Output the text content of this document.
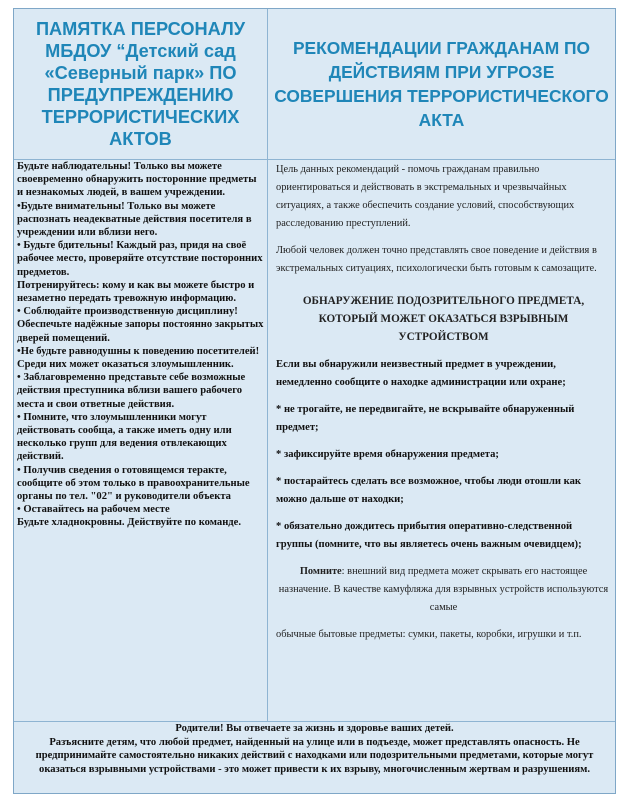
ПАМЯТКА ПЕРСОНАЛУ МБДОУ “Детский сад «Северный парк» ПО ПРЕДУПРЕЖДЕНИЮ ТЕРРОРИСТИЧЕСКИХ АКТОВ
РЕКОМЕНДАЦИИ ГРАЖДАНАМ ПО ДЕЙСТВИЯМ ПРИ УГРОЗЕ СОВЕРШЕНИЯ ТЕРРОРИСТИЧЕСКОГО АКТА

Будьте наблюдательны! Только вы можете своевременно обнаружить посторонние предметы и незнакомых людей, в вашем учреждении.

•Будьте внимательны! Только вы можете распознать неадекватные действия посетителя в учреждении или вблизи него.

• Будьте бдительны! Каждый раз, придя на своё рабочее место, проверяйте отсутствие посторонних предметов.

Потренируйтесь: кому и как вы можете быстро и незаметно передать тревожную информацию.

• Соблюдайте производственную дисциплину! Обеспечьте надёжные запоры постоянно закрытых дверей помещений.

•Не будьте равнодушны к поведению посетителей! Среди них может оказаться злоумышленник.

• Заблаговременно представьте себе возможные действия преступника вблизи вашего рабочего места и свои ответные действия.

• Помните, что злоумышленники могут действовать сообща, а также иметь одну или несколько групп для ведения отвлекающих действий.

• Получив сведения о готовящемся теракте, сообщите об этом только в правоохранительные органы по тел. "02" и руководители объекта

• Оставайтесь на рабочем месте

Будьте хладнокровны. Действуйте по команде.

Цель данных рекомендаций - помочь гражданам правильно ориентироваться и действовать в экстремальных и чрезвычайных ситуациях, а также обеспечить создание условий, способствующих расследованию преступлений.

Любой человек должен точно представлять свое поведение и действия в экстремальных ситуациях, психологически быть готовым к самозащите.

ОБНАРУЖЕНИЕ ПОДОЗРИТЕЛЬНОГО ПРЕДМЕТА, КОТОРЫЙ МОЖЕТ ОКАЗАТЬСЯ ВЗРЫВНЫМ УСТРОЙСТВОМ

Если вы обнаружили неизвестный предмет в учреждении, немедленно сообщите о находке администрации или охране;

* не трогайте, не передвигайте, не вскрывайте обнаруженный предмет;

* зафиксируйте время обнаружения предмета;

* постарайтесь сделать все возможное, чтобы люди отошли как можно дальше от находки;

* обязательно дождитесь прибытия оперативно-следственной группы (помните, что вы являетесь очень важным очевидцем);

Помните: внешний вид предмета может скрывать его настоящее назначение. В качестве камуфляжа для взрывных устройств используются самые

обычные бытовые предметы: сумки, пакеты, коробки, игрушки и т.п.

Родители! Вы отвечаете за жизнь и здоровье ваших детей.

Разъясните детям, что любой предмет, найденный на улице или в подъезде, может представлять опасность. Не предпринимайте самостоятельно никаких действий с находками или подозрительными предметами, которые могут оказаться взрывными устройствами - это может привести к их взрыву, многочисленным жертвам и разрушениям.
